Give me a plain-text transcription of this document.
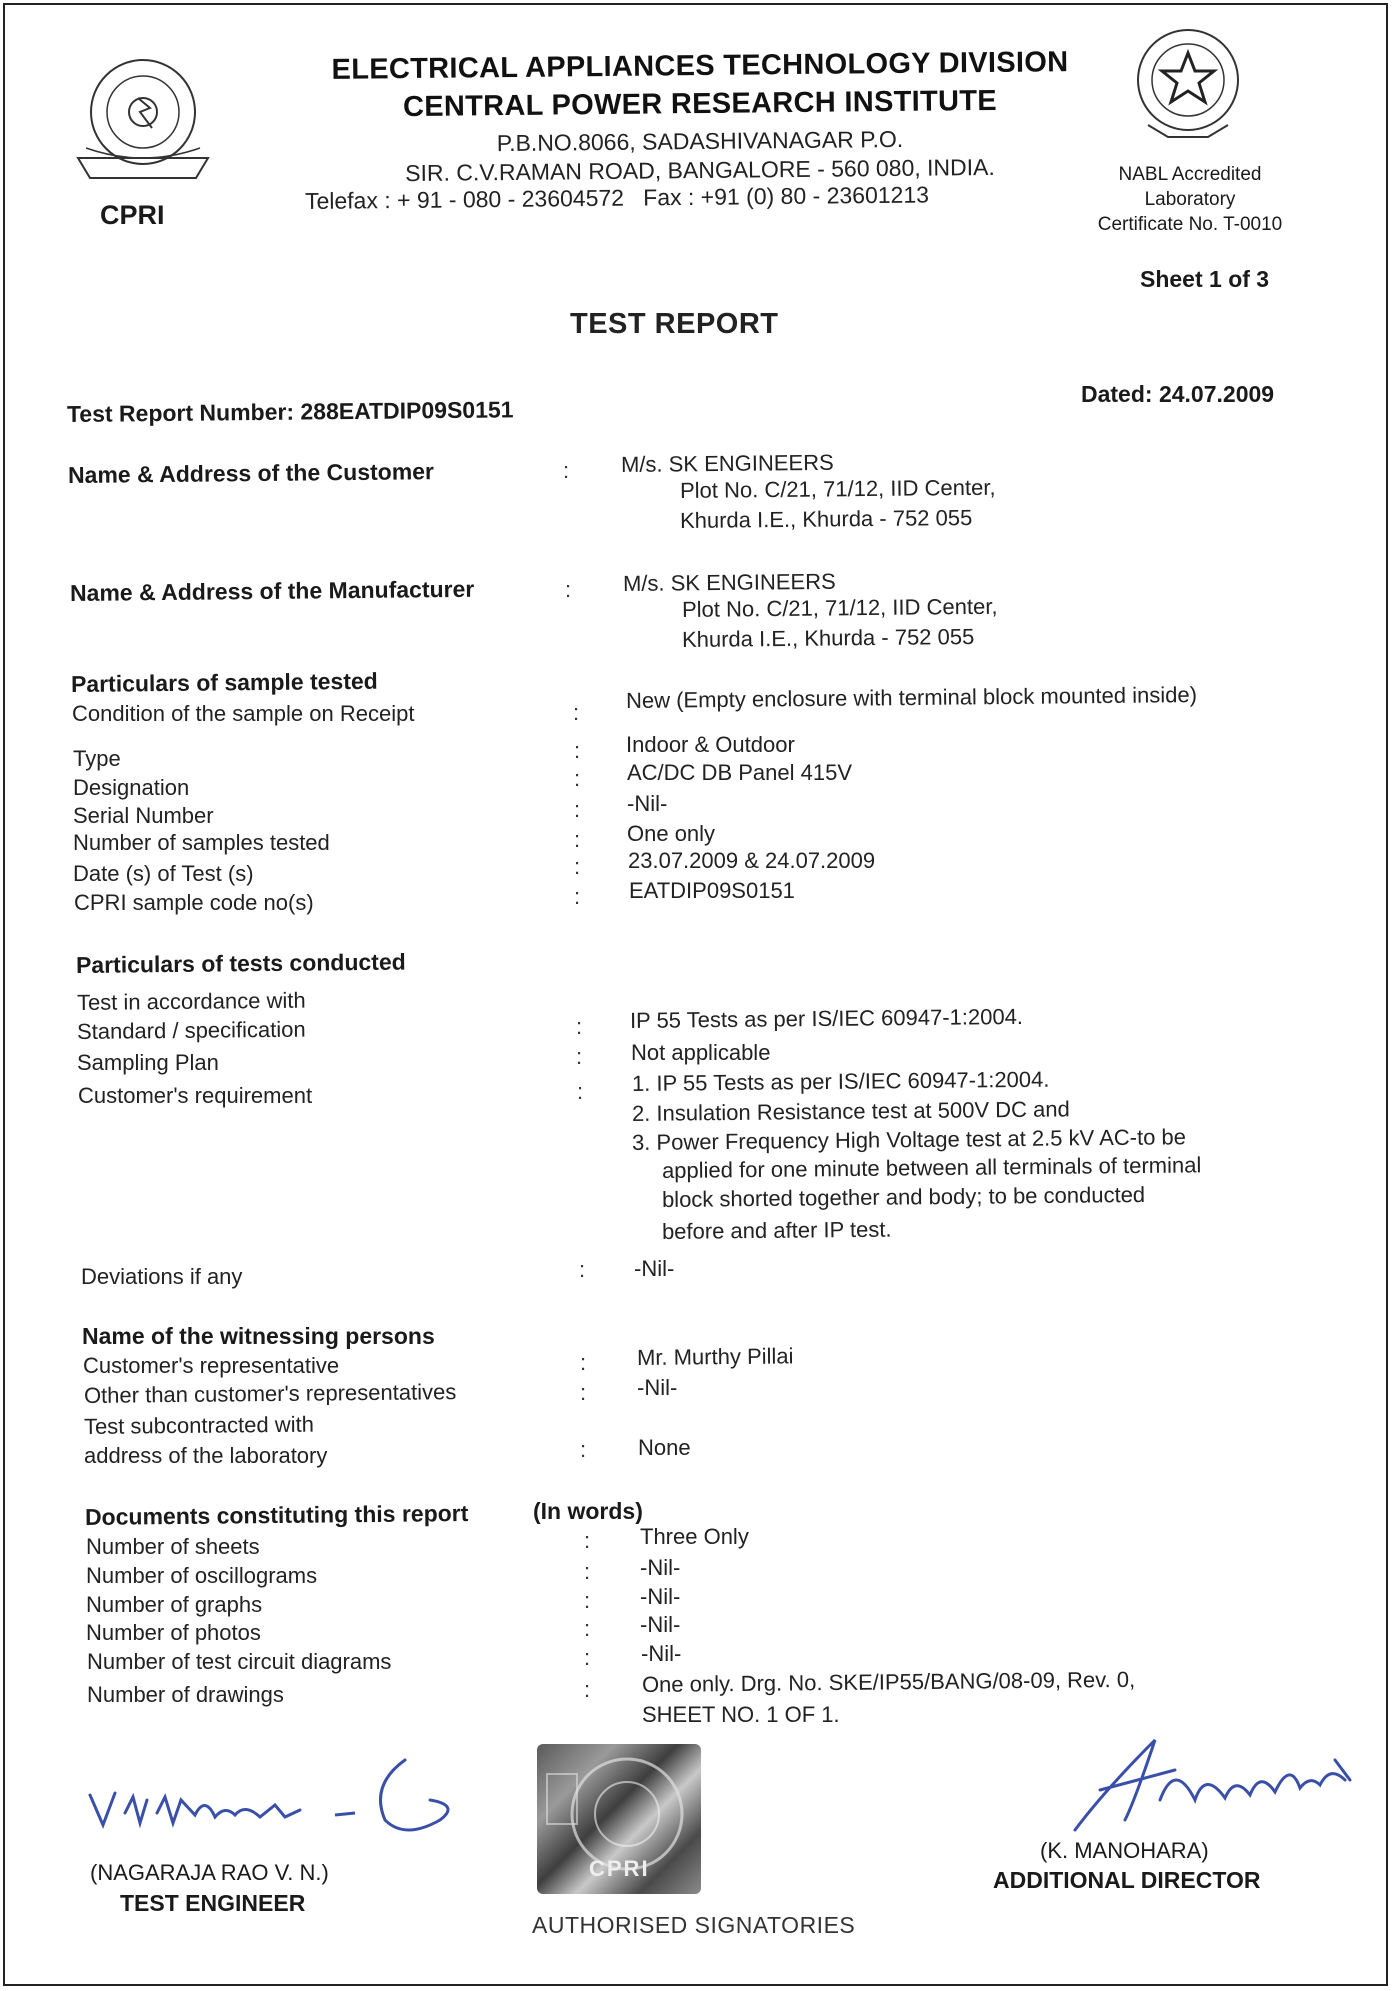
CPRI
ELECTRICAL APPLIANCES TECHNOLOGY DIVISION
CENTRAL POWER RESEARCH INSTITUTE
P.B.NO.8066, SADASHIVANAGAR P.O.
SIR. C.V.RAMAN ROAD, BANGALORE - 560 080, INDIA.
Telefax : + 91 - 080 - 23604572   Fax : +91 (0) 80 - 23601213
NABL Accredited
Laboratory
Certificate No. T-0010
Sheet 1 of 3
TEST REPORT
Dated: 24.07.2009
Test Report Number: 288EATDIP09S0151
Name & Address of the Customer	: M/s. SK ENGINEERS
Plot No. C/21, 71/12, IID Center,
Khurda I.E., Khurda - 752 055
Name & Address of the Manufacturer	: M/s. SK ENGINEERS
Plot No. C/21, 71/12, IID Center,
Khurda I.E., Khurda - 752 055
Particulars of sample tested
Condition of the sample on Receipt	: New (Empty enclosure with terminal block mounted inside)
Type	: Indoor & Outdoor
Designation	: AC/DC DB Panel 415V
Serial Number	: -Nil-
Number of samples tested	: One only
Date (s) of Test (s)	: 23.07.2009 & 24.07.2009
CPRI sample code no(s)	: EATDIP09S0151
Particulars of tests conducted
Test in accordance with
Standard / specification	: IP 55 Tests as per IS/IEC 60947-1:2004.
Sampling Plan	: Not applicable
Customer's requirement	: 1. IP 55 Tests as per IS/IEC 60947-1:2004.
2. Insulation Resistance test at 500V DC and
3. Power Frequency High Voltage test at 2.5 kV AC-to be
applied for one minute between all terminals of terminal
block shorted together and body; to be conducted
before and after IP test.
Deviations if any	: -Nil-
Name of the witnessing persons
Customer's representative	: Mr. Murthy Pillai
Other than customer's representatives	: -Nil-
Test subcontracted with
address of the laboratory	: None
Documents constituting this report	(In words)
Number of sheets	: Three Only
Number of oscillograms	: -Nil-
Number of graphs	: -Nil-
Number of photos	: -Nil-
Number of test circuit diagrams	: -Nil-
Number of drawings	: One only. Drg. No. SKE/IP55/BANG/08-09, Rev. 0,
SHEET NO. 1 OF 1.
(NAGARAJA RAO V. N.)
TEST ENGINEER
CPRI
(K. MANOHARA)
ADDITIONAL DIRECTOR
AUTHORISED SIGNATORIES
